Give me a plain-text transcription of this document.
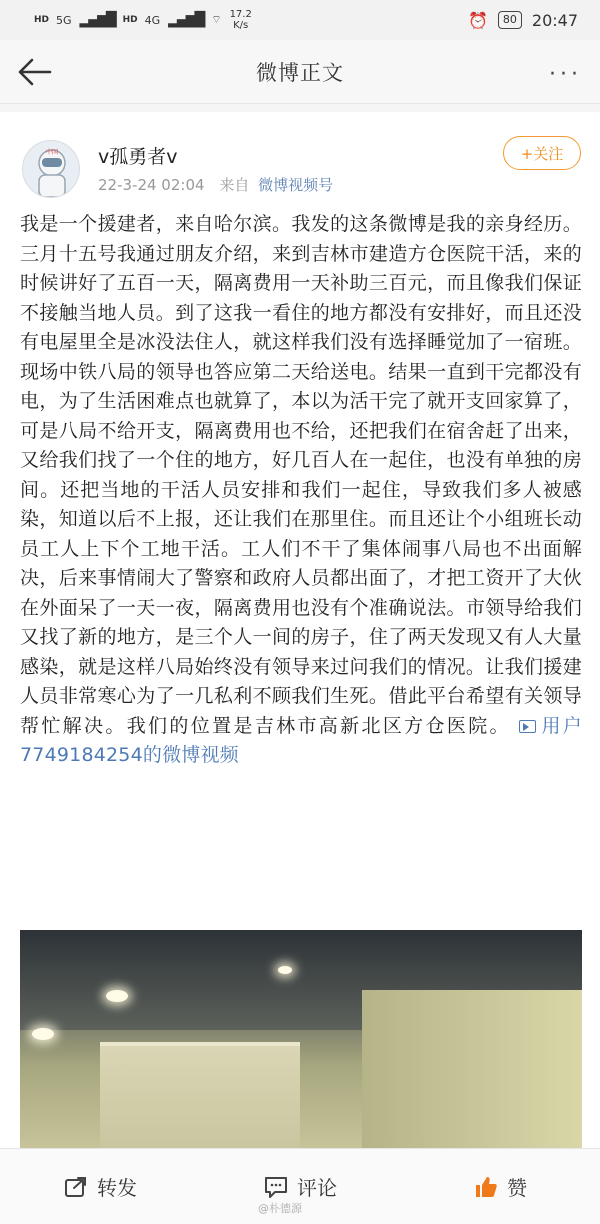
HD 5G ▂▄▆█ HD 4G ▂▄▆█ ⌔ 17.2
K/s	⏰	80 20:47
微博正文	···
中国 v孤勇者v
22-3-24 02:04 来自 微博视频号
+关注
我是一个援建者，来自哈尔滨。我发的这条微博是我的亲身经历。三月十五号我通过朋友介绍，来到吉林市建造方仓医院干活，来的时候讲好了五百一天，隔离费用一天补助三百元，而且像我们保证不接触当地人员。到了这我一看住的地方都没有安排好，而且还没有电屋里全是冰没法住人，就这样我们没有选择睡觉加了一宿班。现场中铁八局的领导也答应第二天给送电。结果一直到干完都没有电，为了生活困难点也就算了，本以为活干完了就开支回家算了，可是八局不给开支，隔离费用也不给，还把我们在宿舍赶了出来，又给我们找了一个住的地方，好几百人在一起住，也没有单独的房间。还把当地的干活人员安排和我们一起住，导致我们多人被感染，知道以后不上报，还让我们在那里住。而且还让个小组班长动员工人上下个工地干活。工人们不干了集体闹事八局也不出面解决，后来事情闹大了警察和政府人员都出面了，才把工资开了大伙在外面呆了一天一夜，隔离费用也没有个准确说法。市领导给我们又找了新的地方，是三个人一间的房子，住了两天发现又有人大量感染，就是这样八局始终没有领导来过问我们的情况。让我们援建人员非常寒心为了一几私利不顾我们生死。借此平台希望有关领导帮忙解决。我们的位置是吉林市高新北区方仓医院。 用户7749184254的微博视频
转发	评论	赞
@朴德源
